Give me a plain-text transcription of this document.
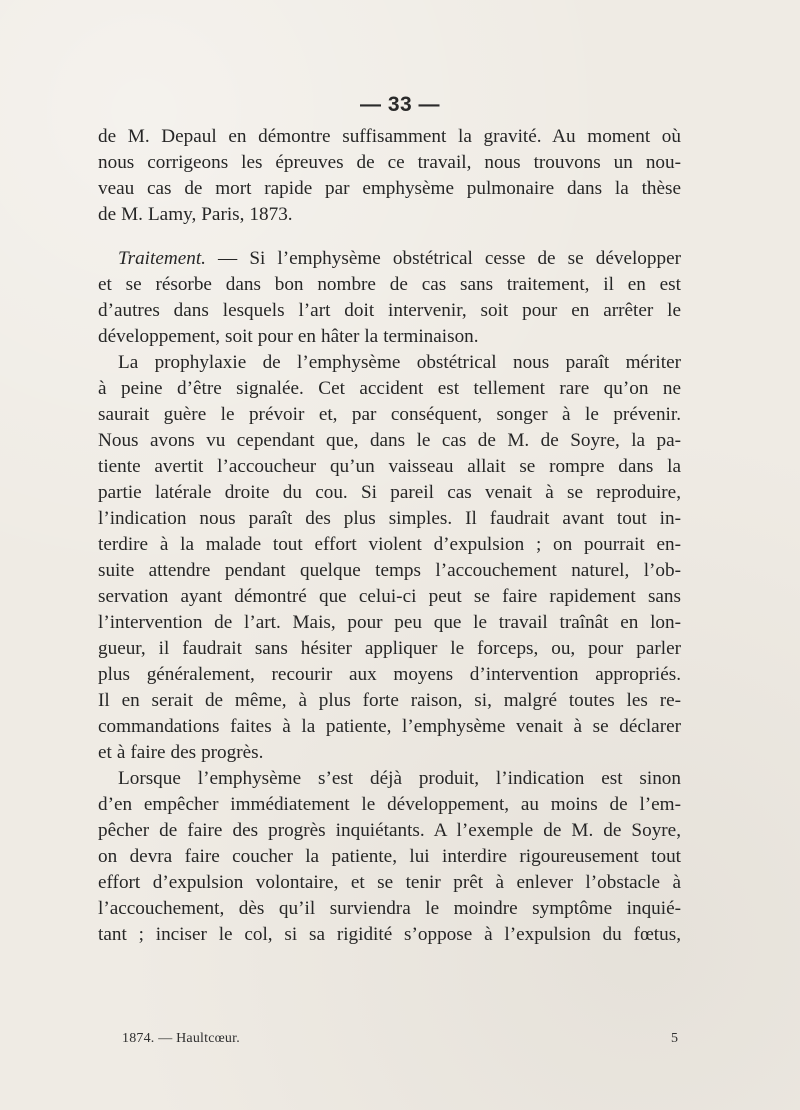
— 33 —

de M. Depaul en démontre suffisamment la gravité. Au moment où
nous corrigeons les épreuves de ce travail, nous trouvons un nou-
veau cas de mort rapide par emphysème pulmonaire dans la thèse
de M. Lamy, Paris, 1873.

Traitement. — Si l’emphysème obstétrical cesse de se développer
et se résorbe dans bon nombre de cas sans traitement, il en est
d’autres dans lesquels l’art doit intervenir, soit pour en arrêter le
développement, soit pour en hâter la terminaison.

La prophylaxie de l’emphysème obstétrical nous paraît mériter
à peine d’être signalée. Cet accident est tellement rare qu’on ne
saurait guère le prévoir et, par conséquent, songer à le prévenir.
Nous avons vu cependant que, dans le cas de M. de Soyre, la pa-
tiente avertit l’accoucheur qu’un vaisseau allait se rompre dans la
partie latérale droite du cou. Si pareil cas venait à se reproduire,
l’indication nous paraît des plus simples. Il faudrait avant tout in-
terdire à la malade tout effort violent d’expulsion ; on pourrait en-
suite attendre pendant quelque temps l’accouchement naturel, l’ob-
servation ayant démontré que celui-ci peut se faire rapidement sans
l’intervention de l’art. Mais, pour peu que le travail traînât en lon-
gueur, il faudrait sans hésiter appliquer le forceps, ou, pour parler
plus généralement, recourir aux moyens d’intervention appropriés.
Il en serait de même, à plus forte raison, si, malgré toutes les re-
commandations faites à la patiente, l’emphysème venait à se déclarer
et à faire des progrès.

Lorsque l’emphysème s’est déjà produit, l’indication est sinon
d’en empêcher immédiatement le développement, au moins de l’em-
pêcher de faire des progrès inquiétants. A l’exemple de M. de Soyre,
on devra faire coucher la patiente, lui interdire rigoureusement tout
effort d’expulsion volontaire, et se tenir prêt à enlever l’obstacle à
l’accouchement, dès qu’il surviendra le moindre symptôme inquié-
tant ; inciser le col, si sa rigidité s’oppose à l’expulsion du fœtus,

1874. — Haultcœur.	5
